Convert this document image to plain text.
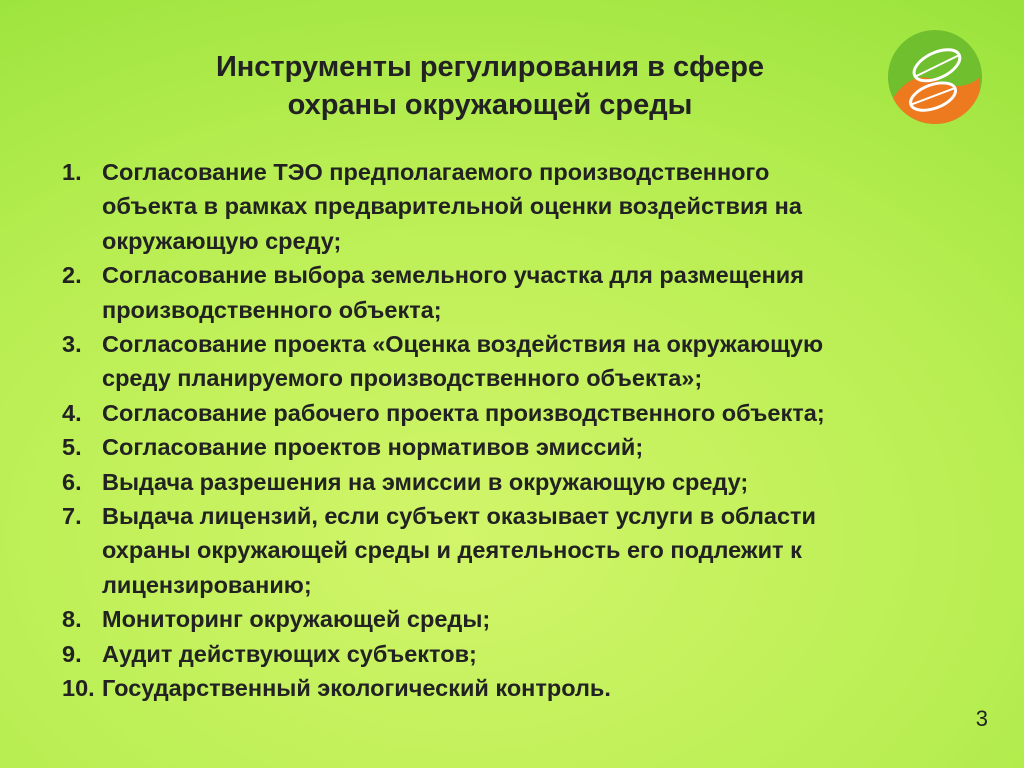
Инструменты регулирования в сфере
охраны окружающей среды
1. Согласование ТЭО предполагаемого производственного
объекта в рамках предварительной оценки воздействия на
окружающую среду;
2. Согласование выбора земельного участка для размещения
производственного объекта;
3. Согласование проекта «Оценка воздействия на окружающую
среду планируемого производственного объекта»;
4. Согласование рабочего проекта производственного объекта;
5. Согласование проектов нормативов эмиссий;
6. Выдача разрешения на эмиссии в окружающую среду;
7. Выдача лицензий, если субъект оказывает услуги в области
охраны окружающей среды и деятельность его подлежит к
лицензированию;
8. Мониторинг окружающей среды;
9. Аудит действующих субъектов;
10. Государственный экологический контроль.
3
